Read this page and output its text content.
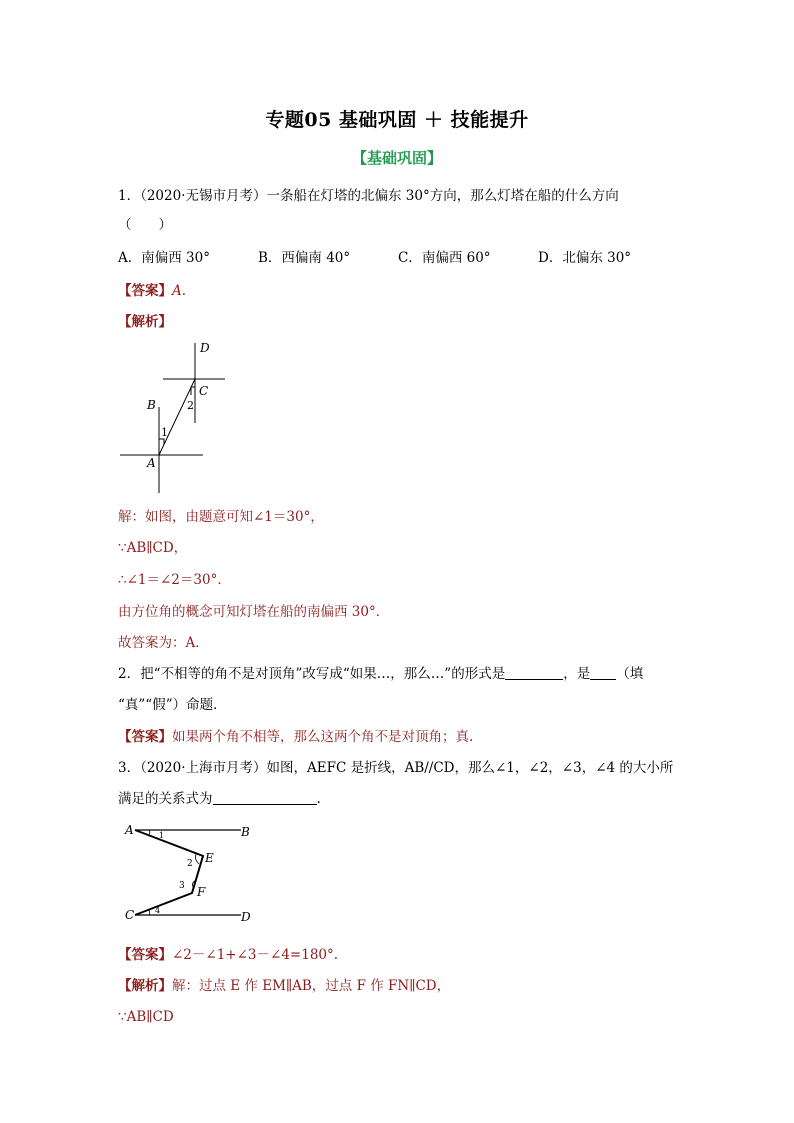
专题05 基础巩固 ＋ 技能提升
【基础巩固】
1．（2020·无锡市月考）一条船在灯塔的北偏东 30°方向，那么灯塔在船的什么方向
（　　）
A．南偏西 30°	B．西偏南 40°	C．南偏西 60°	D．北偏东 30°
【答案】A.
【解析】
D
C
B
A
1
2
解：如图，由题意可知∠1＝30°，
∵AB∥CD，
∴∠1＝∠2＝30°．
由方位角的概念可知灯塔在船的南偏西 30°．
故答案为：A．
2．把“不相等的角不是对顶角”改写成“如果…，那么…”的形式是	，是 （填
“真”“假”）命题．
【答案】如果两个角不相等，那么这两个角不是对顶角；真.
3．（2020·上海市月考）如图，AEFC 是折线，AB//CD，那么∠1，∠2，∠3，∠4 的大小所
满足的关系式为	.
A	B
E
F
C	D
1
2
3
4
【答案】∠2－∠1+∠3－∠4=180°.
【解析】解：过点 E 作 EM∥AB，过点 F 作 FN∥CD，
∵AB∥CD
